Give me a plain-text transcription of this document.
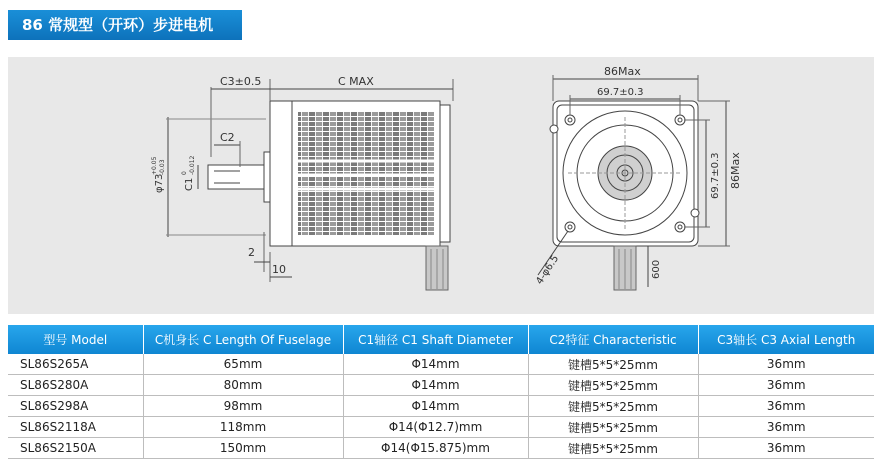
86 常规型（开环）步进电机
C3±0.5	C MAX
C2
φ73
+0.05 -0.03
C1
0 -0.012
2
10
86Max
69.7±0.3
69.7±0.3 86Max
4-φ6.5	600
型号 Model	C机身长 C Length Of Fuselage	C1轴径 C1 Shaft Diameter	C2特征 Characteristic	C3轴长 C3 Axial Length
SL86S265A	65mm	Φ14mm	键槽5*5*25mm	36mm
SL86S280A	80mm	Φ14mm	键槽5*5*25mm	36mm
SL86S298A	98mm	Φ14mm	键槽5*5*25mm	36mm
SL86S2118A	118mm	Φ14(Φ12.7)mm	键槽5*5*25mm	36mm
SL86S2150A	150mm	Φ14(Φ15.875)mm	键槽5*5*25mm	36mm
